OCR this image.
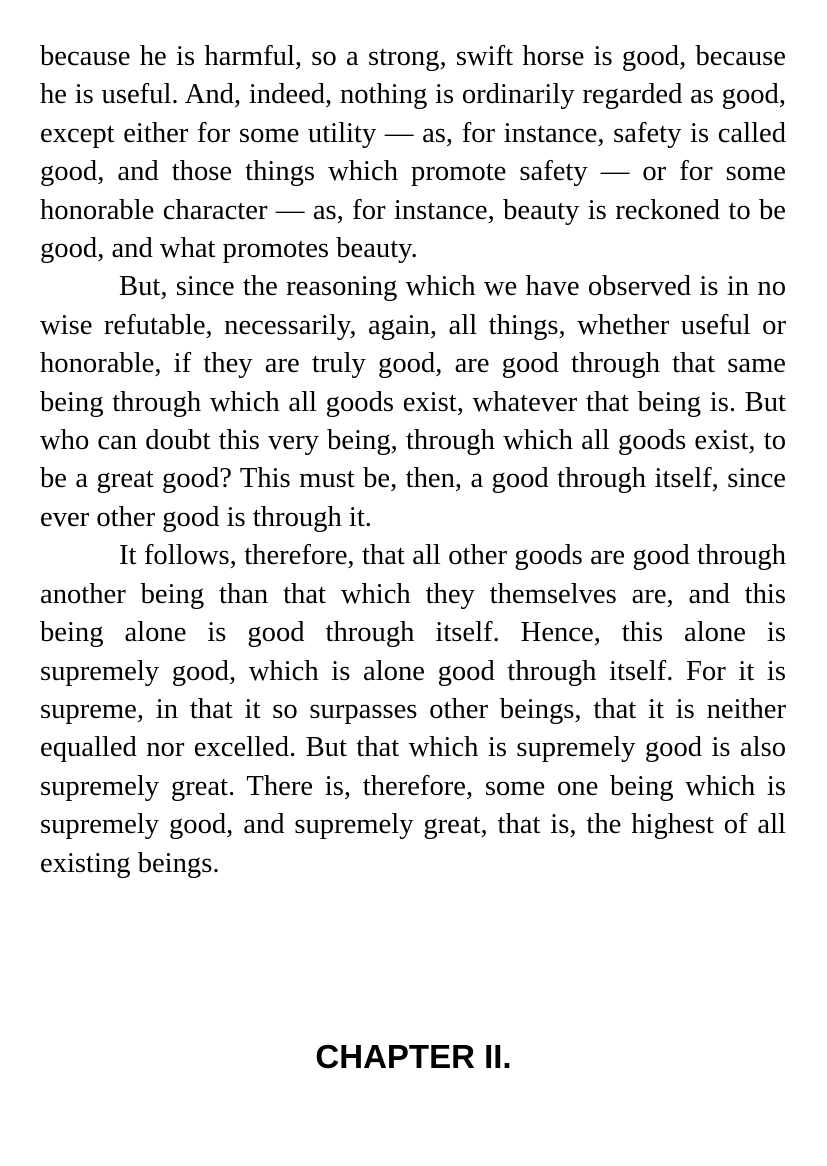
because he is harmful, so a strong, swift horse is good, because he is useful. And, indeed, nothing is ordinarily regarded as good, except either for some utility — as, for instance, safety is called good, and those things which promote safety — or for some honorable character — as, for instance, beauty is reckoned to be good, and what promotes beauty.

But, since the reasoning which we have observed is in no wise refutable, necessarily, again, all things, whether useful or honorable, if they are truly good, are good through that same being through which all goods exist, whatever that being is. But who can doubt this very being, through which all goods exist, to be a great good? This must be, then, a good through itself, since ever other good is through it.

It follows, therefore, that all other goods are good through another being than that which they themselves are, and this being alone is good through itself. Hence, this alone is supremely good, which is alone good through itself. For it is supreme, in that it so surpasses other beings, that it is neither equalled nor excelled. But that which is supremely good is also supremely great. There is, therefore, some one being which is supremely good, and supremely great, that is, the highest of all existing beings.

CHAPTER II.
